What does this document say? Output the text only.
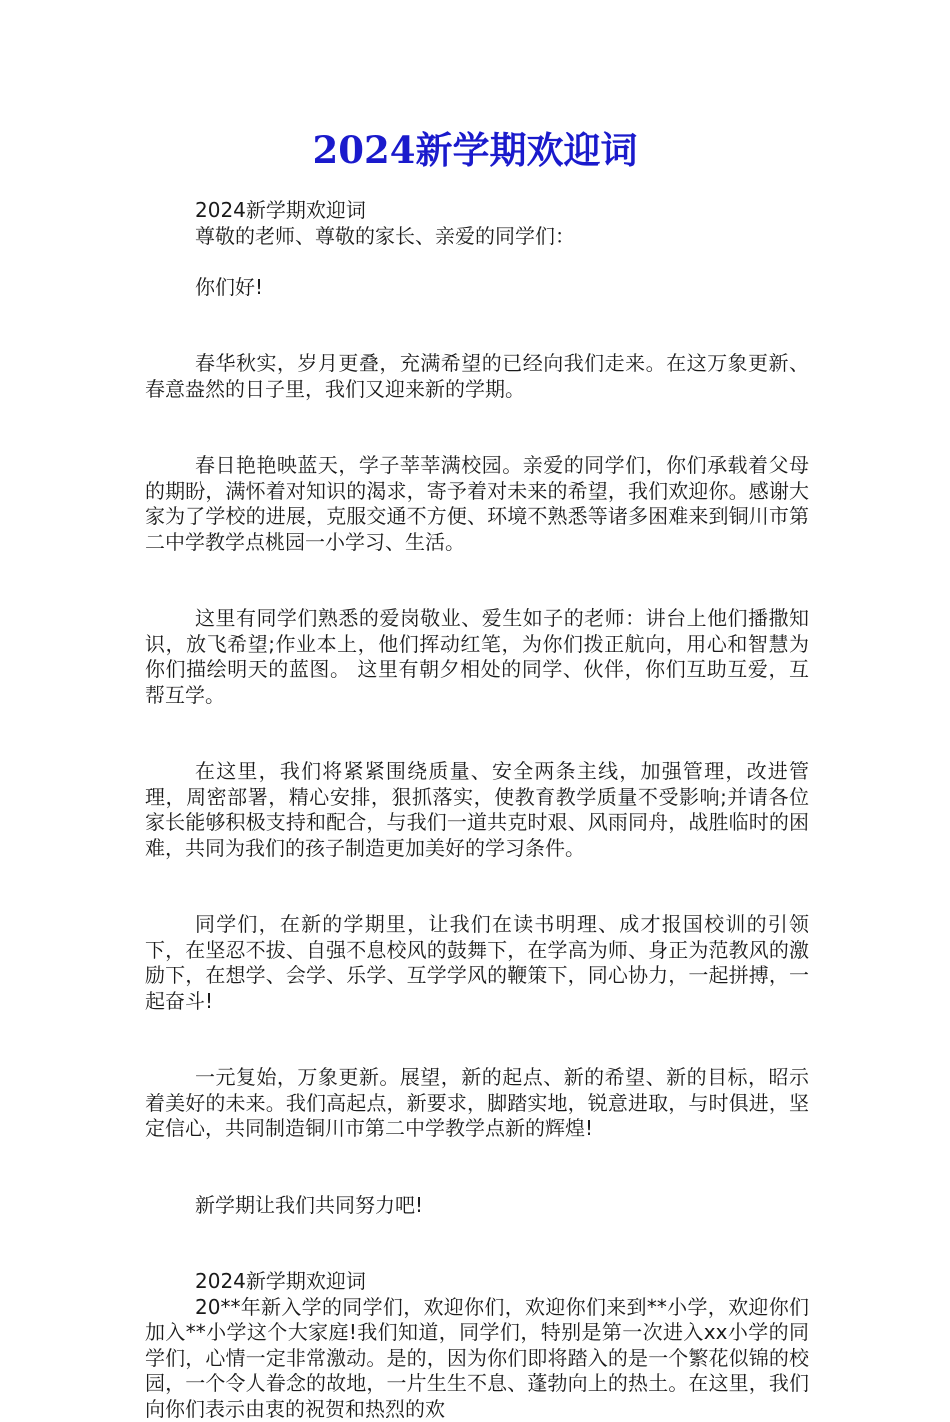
2024新学期欢迎词

2024新学期欢迎词

尊敬的老师、尊敬的家长、亲爱的同学们：

你们好!

春华秋实，岁月更叠，充满希望的已经向我们走来。在这万象更新、春意盎然的日子里，我们又迎来新的学期。

春日艳艳映蓝天，学子莘莘满校园。亲爱的同学们，你们承载着父母的期盼，满怀着对知识的渴求，寄予着对未来的希望，我们欢迎你。感谢大家为了学校的进展，克服交通不方便、环境不熟悉等诸多困难来到铜川市第二中学教学点桃园一小学习、生活。

这里有同学们熟悉的爱岗敬业、爱生如子的老师：讲台上他们播撒知识，放飞希望;作业本上，他们挥动红笔，为你们拨正航向，用心和智慧为你们描绘明天的蓝图。 这里有朝夕相处的同学、伙伴，你们互助互爱，互帮互学。

在这里，我们将紧紧围绕质量、安全两条主线，加强管理，改进管理，周密部署，精心安排，狠抓落实，使教育教学质量不受影响;并请各位家长能够积极支持和配合，与我们一道共克时艰、风雨同舟，战胜临时的困难，共同为我们的孩子制造更加美好的学习条件。

同学们，在新的学期里，让我们在读书明理、成才报国校训的引领下，在坚忍不拔、自强不息校风的鼓舞下，在学高为师、身正为范教风的激励下，在想学、会学、乐学、互学学风的鞭策下，同心协力，一起拼搏，一起奋斗!

一元复始，万象更新。展望，新的起点、新的希望、新的目标，昭示着美好的未来。我们高起点，新要求，脚踏实地，锐意进取，与时俱进，坚定信心，共同制造铜川市第二中学教学点新的辉煌!

新学期让我们共同努力吧!

2024新学期欢迎词

20**年新入学的同学们，欢迎你们，欢迎你们来到**小学，欢迎你们加入**小学这个大家庭!我们知道，同学们，特别是第一次进入xx小学的同学们，心情一定非常激动。是的，因为你们即将踏入的是一个繁花似锦的校园，一个令人眷念的故地，一片生生不息、蓬勃向上的热土。在这里，我们向你们表示由衷的祝贺和热烈的欢
